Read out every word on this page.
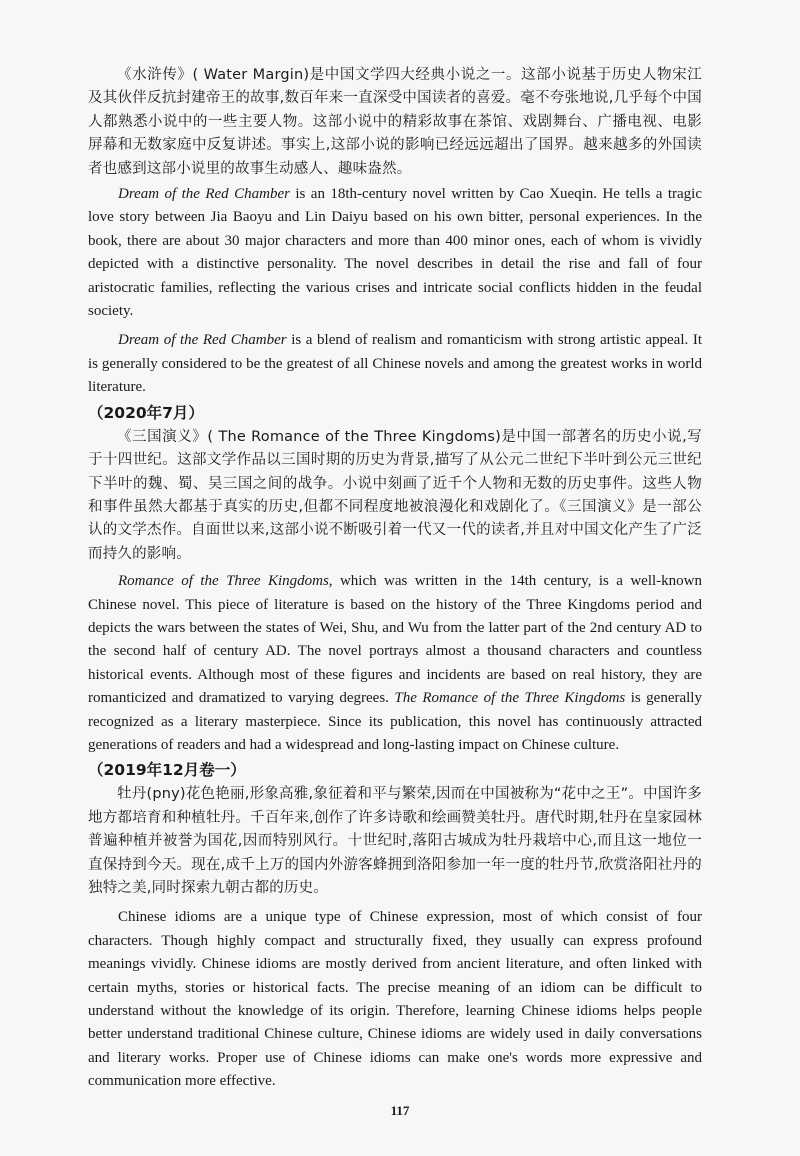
《水浒传》( Water Margin)是中国文学四大经典小说之一。这部小说基于历史人物宋江及其伙伴反抗封建帝王的故事,数百年来一直深受中国读者的喜爱。毫不夸张地说,几乎每个中国人都熟悉小说中的一些主要人物。这部小说中的精彩故事在茶馆、戏剧舞台、广播电视、电影屏幕和无数家庭中反复讲述。事实上,这部小说的影响已经远远超出了国界。越来越多的外国读者也感到这部小说里的故事生动感人、趣味盎然。

Dream of the Red Chamber is an 18th-century novel written by Cao Xueqin. He tells a tragic love story between Jia Baoyu and Lin Daiyu based on his own bitter, personal experiences. In the book, there are about 30 major characters and more than 400 minor ones, each of whom is vividly depicted with a distinctive personality. The novel describes in detail the rise and fall of four aristocratic families, reflecting the various crises and intricate social conflicts hidden in the feudal society.

Dream of the Red Chamber is a blend of realism and romanticism with strong artistic appeal. It is generally considered to be the greatest of all Chinese novels and among the greatest works in world literature.

（2020年7月）

《三国演义》( The Romance of the Three Kingdoms)是中国一部著名的历史小说,写于十四世纪。这部文学作品以三国时期的历史为背景,描写了从公元二世纪下半叶到公元三世纪下半叶的魏、蜀、吴三国之间的战争。小说中刻画了近千个人物和无数的历史事件。这些人物和事件虽然大都基于真实的历史,但都不同程度地被浪漫化和戏剧化了。《三国演义》是一部公认的文学杰作。自面世以来,这部小说不断吸引着一代又一代的读者,并且对中国文化产生了广泛而持久的影响。

Romance of the Three Kingdoms, which was written in the 14th century, is a well-known Chinese novel. This piece of literature is based on the history of the Three Kingdoms period and depicts the wars between the states of Wei, Shu, and Wu from the latter part of the 2nd century AD to the second half of century AD. The novel portrays almost a thousand characters and countless historical events. Although most of these figures and incidents are based on real history, they are romanticized and dramatized to varying degrees. The Romance of the Three Kingdoms is generally recognized as a literary masterpiece. Since its publication, this novel has continuously attracted generations of readers and had a widespread and long-lasting impact on Chinese culture.

（2019年12月卷一）

牡丹(pny)花色艳丽,形象高雅,象征着和平与繁荣,因而在中国被称为“花中之王”。中国许多地方都培育和种植牡丹。千百年来,创作了许多诗歌和绘画赞美牡丹。唐代时期,牡丹在皇家园林普遍种植并被誉为国花,因而特别风行。十世纪时,落阳古城成为牡丹栽培中心,而且这一地位一直保持到今天。现在,成千上万的国内外游客蜂拥到洛阳参加一年一度的牡丹节,欣赏洛阳社丹的独特之美,同时探索九朝古都的历史。

Chinese idioms are a unique type of Chinese expression, most of which consist of four characters. Though highly compact and structurally fixed, they usually can express profound meanings vividly. Chinese idioms are mostly derived from ancient literature, and often linked with certain myths, stories or historical facts. The precise meaning of an idiom can be difficult to understand without the knowledge of its origin. Therefore, learning Chinese idioms helps people better understand traditional Chinese culture, Chinese idioms are widely used in daily conversations and literary works. Proper use of Chinese idioms can make one's words more expressive and communication more effective.

117
